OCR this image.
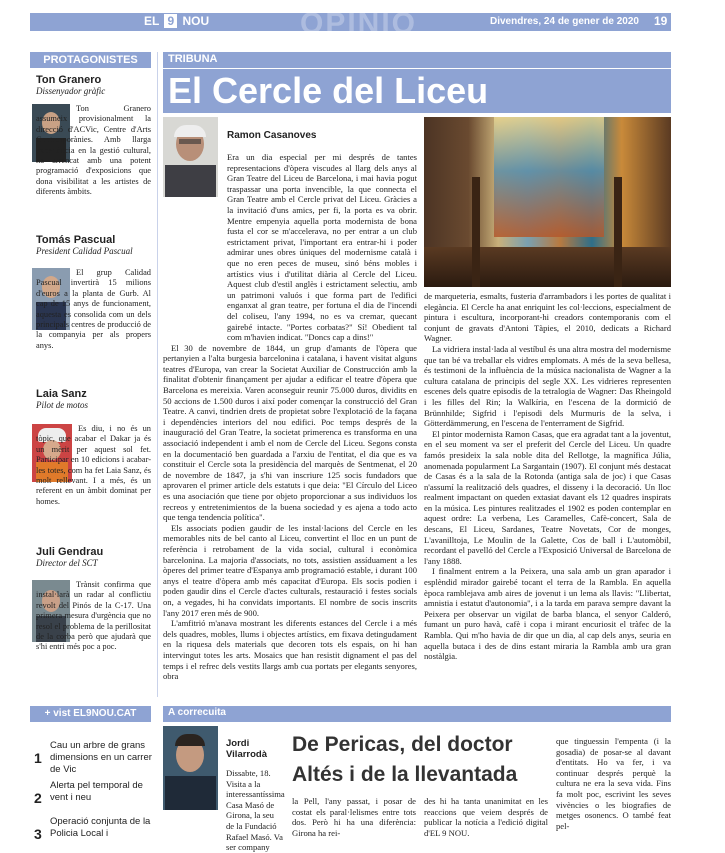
EL 9 NOU	OPINIÓ	Divendres, 24 de gener de 2020 19
PROTAGONISTES
Ton Granero
Dissenyador gràfic
Ton Granero assumeix provisionalment la direcció d'ACVic, Centre d'Arts Contemporànies. Amb llarga experiència en la gestió cultural, ha arrencat amb una potent programació d'exposicions que dona visibilitat a les artistes de diferents àmbits.
Tomás Pascual
President Calidad Pascual
El grup Calidad Pascual invertirà 15 milions d'euros a la planta de Gurb. Al cap de 15 anys de funcionament, aquesta es consolida com un dels principals centres de producció de la companyia per als propers anys.
Laia Sanz
Pilot de motos
Es diu, i no és un tòpic, que acabar el Dakar ja és un mèrit per aquest sol fet. Participar en 10 edicions i acabar-les totes, com ha fet Laia Sanz, és molt rellevant. I a més, és un referent en un àmbit dominat per homes.
Juli Gendrau
Director del SCT
Trànsit confirma que instal·larà un radar al conflictiu revolt del Pinós de la C-17. Una primera mesura d'urgència que no resol el problema de la perillositat de la corba però que ajudarà que s'hi entri més poc a poc.
TRIBUNA
El Cercle del Liceu
Ramon Casanoves

Era un dia especial per mi després de tantes representacions d'òpera viscudes al llarg dels anys al Gran Teatre del Liceu de Barcelona, i mai havia pogut traspassar una porta invencible, la que connecta el Gran Teatre amb el Cercle privat del Liceu. Gràcies a la invitació d'uns amics, per fi, la porta es va obrir. Mentre empenyia aquella porta modernista de bona fusta el cor se m'accelerava, no per entrar a un club estrictament privat, l'important era entrar-hi i poder admirar unes obres úniques del modernisme català i que no eren peces de museu, sinó béns mobles i artístics vius i d'utilitat diària al Cercle del Liceu. Aquest club d'estil anglès i estrictament selectiu, amb un patrimoni valuós i que forma part de l'edifici enganxat al gran teatre, per fortuna el dia de l'incendi del coliseu, l'any 1994, no es va cremar, quecant gairebé intacte. "Portes corbatas?" Sí! Obedient tal com m'havien indicat. "Doncs cap a dins!"

El 30 de novembre de 1844, un grup d'amants de l'òpera que pertanyien a l'alta burgesia barcelonina i catalana, i havent visitat alguns teatres d'Europa, van crear la Societat Auxiliar de Construcción amb la finalitat d'obtenir finançament per ajudar a edificar el teatre d'òpera que Barcelona es mereixia. Varen aconseguir reunir 75.000 duros, dividits en 50 accions de 1.500 duros i així poder començar la construcció del Gran Teatre. A canvi, tindrien drets de propietat sobre l'explotació de la façana i dependències interiors del nou edifici. Poc temps després de la inauguració del Gran Teatre, la societat primerenca es transforma en una associació independent i amb el nom de Cercle del Liceu. Segons consta en la documentació ben guardada a l'arxiu de l'entitat, el dia que es va constituir el Cercle sota la presidència del marquès de Sentmenat, el 20 de novembre de 1847, ja s'hi van inscriure 125 socis fundadors que aprovaren el primer article dels estatuts i que deia: "El Círculo del Liceo es una asociación que tiene por objeto proporcionar a sus individuos los recreos y entretenimientos de la buena sociedad y es ajena a todo acto que tenga tendencia política".

Els associats podien gaudir de les instal·lacions del Cercle en les memorables nits de bel canto al Liceu, convertint el lloc en un punt de referència i retrobament de la vida social, cultural i econòmica barcelonina. La majoria d'associats, no tots, assistien assíduament a les òperes del primer teatre d'Espanya amb programació estable, i durant 100 anys el teatre d'òpera amb més capacitat d'Europa. Els socis podien i poden gaudir dins el Cercle d'actes culturals, restauració i festes socials on, a vegades, hi ha convidats importants. El nombre de socis inscrits l'any 2017 eren més de 900.

L'amfitrió m'anava mostrant les diferents estances del Cercle i a més dels quadres, mobles, llums i objectes artístics, em fixava detingudament en la riquesa dels materials que decoren tots els espais, on hi han intervingut totes les arts. Mosaics que han resistit dignament el pas del temps i el refrec dels vestits llargs amb cua portats per elegants senyores, obra

de marqueteria, esmalts, fusteria d'arrambadors i les portes de qualitat i elegància. El Cercle ha anat enriquint les col·leccions, especialment de pintura i escultura, incorporant-hi creadors contemporanis com el conjunt de gravats d'Antoni Tàpies, el 2010, dedicats a Richard Wagner.

La vidriera instal·lada al vestíbul és una altra mostra del modernisme que tan bé va treballar els vidres emplomats. A més de la seva bellesa, és testimoni de la influència de la música nacionalista de Wagner a la cultura catalana de principis del segle XX. Les vidrieres representen escenes dels quatre episodis de la tetralogia de Wagner: Das Rheingold i les filles del Rin; la Walkíria, en l'escena de la dormició de Brünnhilde; Sigfrid i l'episodi dels Murmuris de la selva, i Götterdämmerung, en l'escena de l'enterrament de Sigfrid.

El pintor modernista Ramon Casas, que era agradat tant a la joventut, en el seu moment va ser el preferit del Cercle del Liceu. Un quadre famós presideix la sala noble dita del Rellotge, la magnífica Júlia, anomenada popularment La Sargantain (1907). El conjunt més destacat de Casas és a la sala de la Rotonda (antiga sala de joc) i que Casas n'assumí la realització dels quadres, el disseny i la decoració. Un lloc realment impactant on queden extasiat davant els 12 quadres inspirats en la música. Les pintures realitzades el 1902 es poden contemplar en aquest ordre: La verbena, Les Caramelles, Cafè-concert, Sala de descans, El Liceu, Sardanes, Teatre Novetats, Cor de monges, L'avanilltoja, Le Moulin de la Galette, Cos de ball i L'automòbil, recordant el pavelló del Cercle a l'Exposició Universal de Barcelona de l'any 1888.

I finalment entrem a la Peixera, una sala amb un gran aparador i esplèndid mirador gairebé tocant el terra de la Rambla. En aquella època ramblejava amb aires de jovenut i un lema als llavis: "Llibertat, amnistia i estatut d'autonomia", i a la tarda em parava sempre davant la Peixera per observar un vigilat de barba blanca, el senyor Calderó, fumant un puro havà, cafè i copa i mirant encuriosit el tràfec de la Rambla. Qui m'ho havia de dir que un dia, al cap dels anys, seuria en aquella butaca i des de dins estant miraria la Rambla amb ura gran nostàlgia.

+ vist EL9NOU.CAT
1
Cau un arbre de grans dimensions en un carrer de Vic
2
Alerta pel temporal de vent i neu
3
Operació conjunta de la Policia Local i
A correcuita
Jordi Vilarrodà	De Pericas, del doctor Altés i de la llevantada
Dissabte, 18. Visita a la interessantíssima Casa Masó de Girona, la seu de la Fundació Rafael Masó. Va ser company
la Pell, l'any passat, i posar de costat els paral·lelismes entre tots dos. Però hi ha una diferència: Girona ha rei-
des hi ha tanta unanimitat en les reaccions que veiem després de publicar la notícia a l'edició digital d'EL 9 NOU.
que tinguessin l'empenta (i la gosadia) de posar-se al davant d'entitats. Ho va fer, i va continuar després perquè la cultura ne era la seva vida. Fins fa molt poc, escrivint les seves vivències o les biografies de metges osonencs. O també feat pel-
